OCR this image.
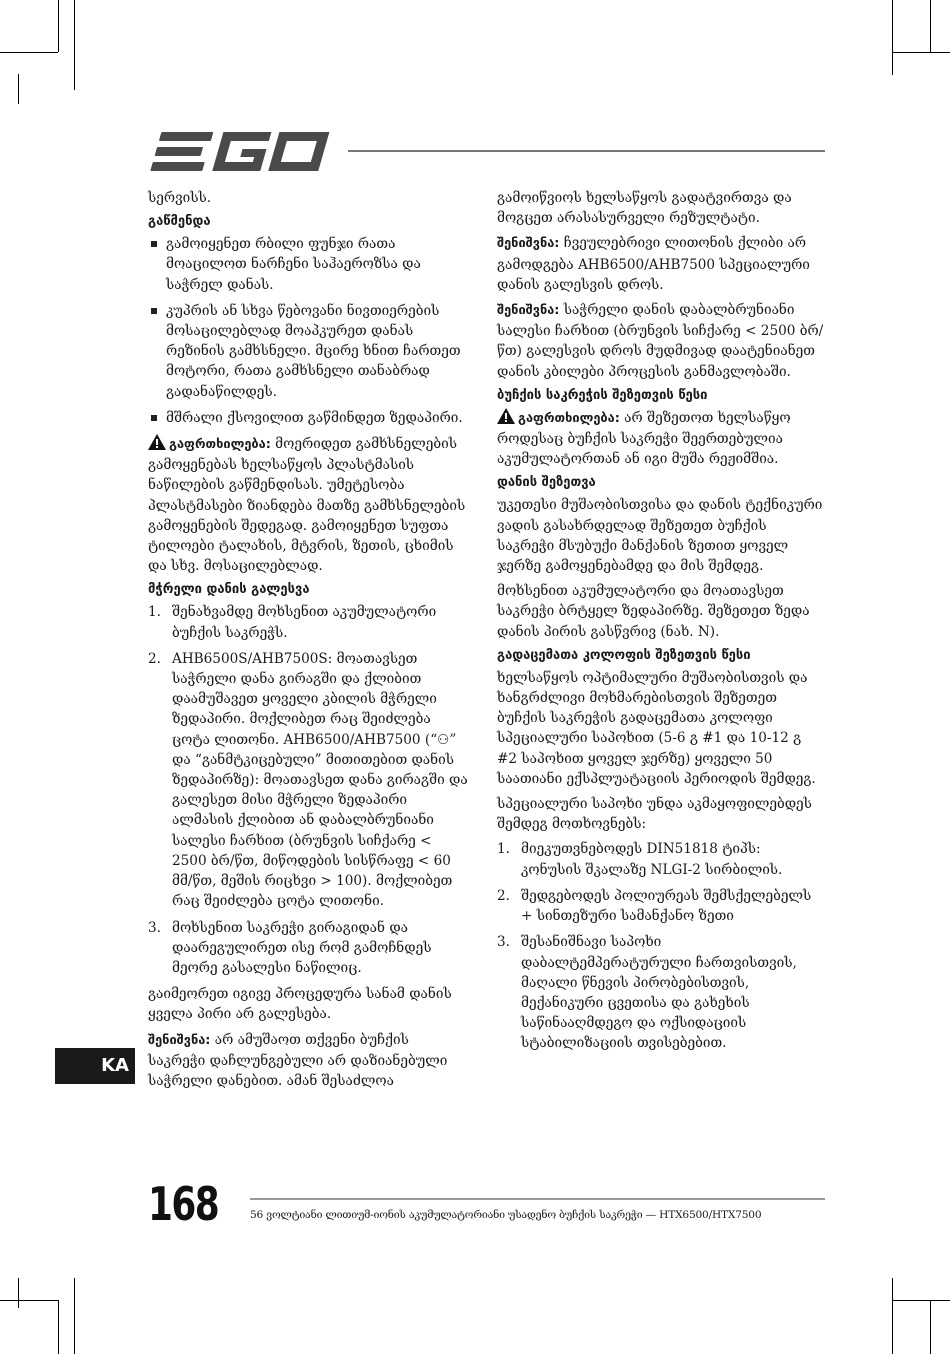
სერვისს.

გაწმენდა
გამოიყენეთ რბილი ფუნჯი რათა მოაცილოთ ნარჩენი საჰაეროზსა და საჭრელ დანას.
კუპრის ან სხვა წებოვანი ნივთიერების მოსაცილებლად მოაპკურეთ დანას რეზინის გამხსნელი. მცირე ხნით ჩართეთ მოტორი, რათა გამხსნელი თანაბრად გადანაწილდეს.
მშრალი ქსოვილით გაწმინდეთ ზედაპირი.

გაფრთხილება: მოერიდეთ გამხსნელების გამოყენებას ხელსაწყოს პლასტმასის ნაწილების გაწმენდისას. უმეტესობა პლასტმასები ზიანდება მათზე გამხსნელების გამოყენების შედეგად. გამოიყენეთ სუფთა ტილოები ტალახის, მტვრის, ზეთის, ცხიმის და სხვ. მოსაცილებლად.

მჭრელი დანის გალესვა
1. შენახვამდე მოხსენით აკუმულატორი ბუჩქის საკრეჭს.
2. AHB6500S/AHB7500S: მოათავსეთ საჭრელი დანა გირაგში და ქლიბით დაამუშავეთ ყოველი კბილის მჭრელი ზედაპირი. მოქლიბეთ რაც შეიძლება ცოტა ლითონი. AHB6500/AHB7500 (“⚇” და “განმტკიცებული” მითითებით დანის ზედაპირზე): მოათავსეთ დანა გირაგში და გალესეთ მისი მჭრელი ზედაპირი ალმასის ქლიბით ან დაბალბრუნიანი სალესი ჩარხით (ბრუნვის სიჩქარე < 2500 ბრ/წთ, მიწოდების სისწრაფე < 60 მმ/წთ, მეშის რიცხვი > 100). მოქლიბეთ რაც შეიძლება ცოტა ლითონი.
3. მოხსენით საკრეჭი გირაგიდან და დაარეგულირეთ ისე რომ გამოჩნდეს მეორე გასალესი ნაწილიც.

გაიმეორეთ იგივე პროცედურა სანამ დანის ყველა პირი არ გალესება.

შენიშვნა: არ ამუშაოთ თქვენი ბუჩქის საკრეჭი დაჩლუნგებული არ დაზიანებული საჭრელი დანებით. ამან შესაძლოა

გამოიწვიოს ხელსაწყოს გადატვირთვა და მოგცეთ არასასურველი რეზულტატი.

შენიშვნა: ჩვეულებრივი ლითონის ქლიბი არ გამოდგება AHB6500/AHB7500 სპეციალური დანის გალესვის დროს.

შენიშვნა: საჭრელი დანის დაბალბრუნიანი სალესი ჩარხით (ბრუნვის სიჩქარე < 2500 ბრ/წთ) გალესვის დროს მუდმივად დაატენიანეთ დანის კბილები პროცესის განმავლობაში.

ბუჩქის საკრეჭის შეზეთვის წესი

გაფრთხილება: არ შეზეთოთ ხელსაწყო როდესაც ბუჩქის საკრეჭი შეერთებულია აკუმულატორთან ან იგი მუშა რეჟიმშია.

დანის შეზეთვა

უკეთესი მუშაობისთვისა და დანის ტექნიკური ვადის გასახრდელად შეზეთეთ ბუჩქის საკრეჭი მსუბუქი მანქანის ზეთით ყოველ ჯერზე გამოყენებამდე და მის შემდეგ.

მოხსენით აკუმულატორი და მოათავსეთ საკრეჭი ბრტყელ ზედაპირზე. შეზეთეთ ზედა დანის პირის გასწვრივ (ნახ. N).

გადაცემათა კოლოფის შეზეთვის წესი

ხელსაწყოს ოპტიმალური მუშაობისთვის და ხანგრძლივი მოხმარებისთვის შეზეთეთ ბუჩქის საკრეჭის გადაცემათა კოლოფი სპეციალური საპოხით (5-6 გ #1 და 10-12 გ #2 საპოხით ყოველ ჯერზე) ყოველი 50 საათიანი ექსპლუატაციის პერიოდის შემდეგ.

სპეციალური საპოხი უნდა აკმაყოფილებდეს შემდეგ მოთხოვნებს:

1. მიეკუთვნებოდეს DIN51818 ტიპს: კონუსის შკალაზე NLGI-2 სირბილის.
2. შედგებოდეს პოლიურეას შემსქელებელს + სინთეზური სამანქანო ზეთი
3. შესანიშნავი საპოხი დაბალტემპერატურული ჩართვისთვის, მაღალი წნევის პირობებისთვის, მექანიკური ცვეთისა და გახეხის საწინააღმდეგო და ოქსიდაციის სტაბილიზაციის თვისებებით.
KA
168	56 ვოლტიანი ლითიუმ-იონის აკუმულატორიანი უსადენო ბუჩქის საკრეჭი — HTX6500/HTX7500
